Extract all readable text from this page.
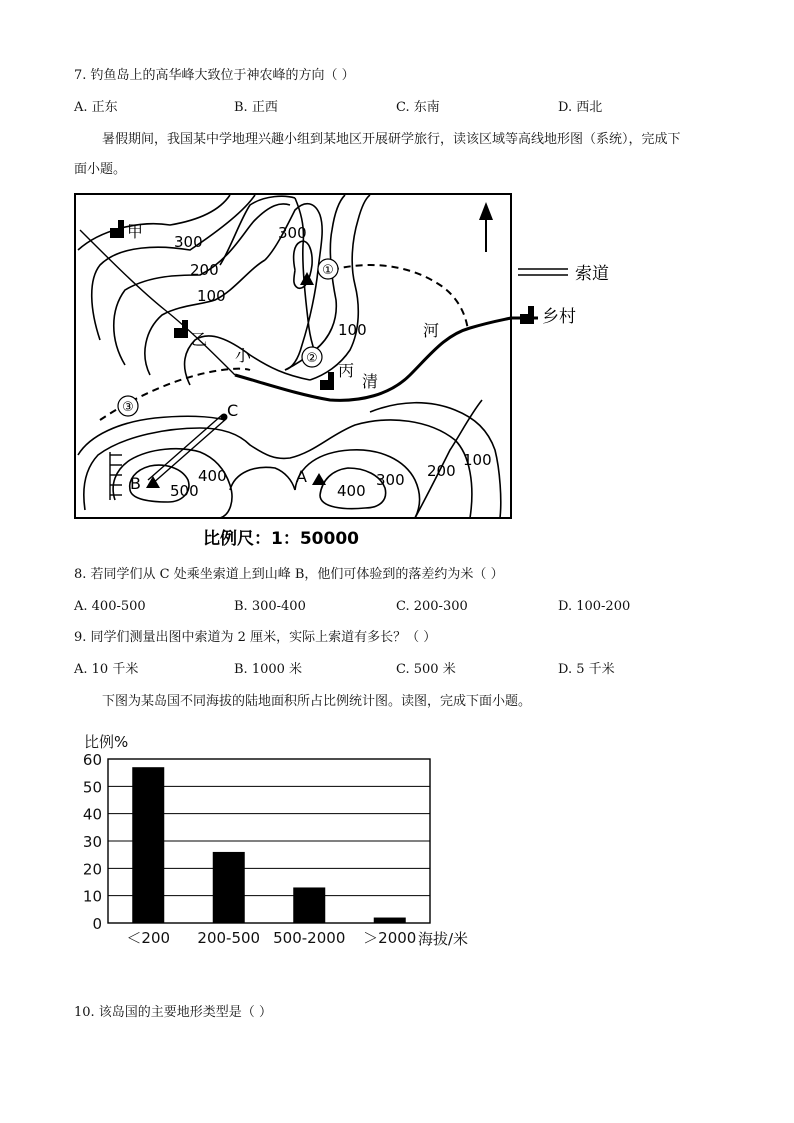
7. 钓鱼岛上的高华峰大致位于神农峰的方向（ ）
A. 正东	B. 正西	C. 东南	D. 西北
暑假期间，我国某中学地理兴趣小组到某地区开展研学旅行，读该区域等高线地形图（系统），完成下
面小题。
①
②
③
甲
乙
丙
C
B	A
河
小
清
300	300
200
100
100
400
500	400
300 200
100
索道
乡村
比例尺：1：50000
8. 若同学们从 C 处乘坐索道上到山峰 B，他们可体验到的落差约为米（ ）
A. 400-500	B. 300-400	C. 200-300	D. 100-200
9. 同学们测量出图中索道为 2 厘米，实际上索道有多长？（ ）
A. 10 千米	B. 1000 米	C. 500 米	D. 5 千米
下图为某岛国不同海拔的陆地面积所占比例统计图。读图，完成下面小题。
0
10
20
30
40
50
60
＜200 200-500 500-2000 ＞2000
比例%
海拔/米
10. 该岛国的主要地形类型是（ ）
